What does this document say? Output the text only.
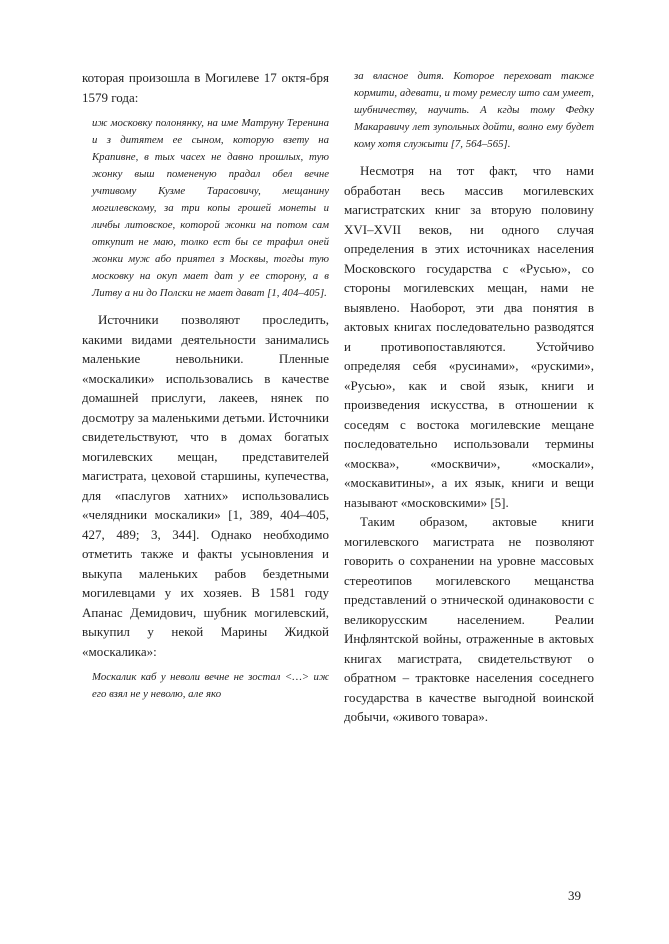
которая произошла в Могилеве 17 октя-бря 1579 года:

иж московку полонянку, на име Матруну Теренина и з дитятем ее сыном, которую взету на Крапивне, в тых часех не давно прошлых, тую жонку выш помененую прадал обел вечне учтивому Кузме Тарасовичу, мещанину могилевскому, за три копы грошей монеты и личбы литовское, которой жонки на потом сам откупит не маю, толко ест бы се трафил оней жонки муж або приятел з Москвы, тогды тую московку на окуп мает дат у ее сторону, а в Литву а ни до Полски не мает дават [1, 404–405].

Источники позволяют проследить, какими видами деятельности занимались маленькие невольники. Пленные «москалики» использовались в качестве домашней прислуги, лакеев, нянек по досмотру за маленькими детьми. Источники свидетельствуют, что в домах богатых могилевских мещан, представителей магистрата, цеховой старшины, купечества, для «паслугов хатних» использовались «челядники москалики» [1, 389, 404–405, 427, 489; 3, 344]. Однако необходимо отметить также и факты усыновления и выкупа маленьких рабов бездетными могилевцами у их хозяев. В 1581 году Апанас Демидович, шубник могилевский, выкупил у некой Марины Жидкой «москалика»:

Москалик каб у неволи вечне не зостал <…> иж его взял не у неволю, але яко

за власное дитя. Которое переховат также кормити, адевати, и тому ремеслу што сам умеет, шубничеству, научить. А кгды тому Федку Макаравичу лет зупольных дойти, волно ему будет кому хотя служыти [7, 564–565].

Несмотря на тот факт, что нами обработан весь массив могилевских магистратских книг за вторую половину XVI–XVII веков, ни одного случая определения в этих источниках населения Московского государства с «Русью», со стороны могилевских мещан, нами не выявлено. Наоборот, эти два понятия в актовых книгах последовательно разводятся и противопоставляются. Устойчиво определяя себя «русинами», «рускими», «Русью», как и свой язык, книги и произведения искусства, в отношении к соседям с востока могилевские мещане последовательно использовали термины «москва», «москвичи», «москали», «москавитины», а их язык, книги и вещи называют «московскими» [5].

Таким образом, актовые книги могилевского магистрата не позволяют говорить о сохранении на уровне массовых стереотипов могилевского мещанства представлений о этнической одинаковости с великорусским населением. Реалии Инфлянтской войны, отраженные в актовых книгах магистрата, свидетельствуют о обратном – трактовке населения соседнего государства в качестве выгодной воинской добычи, «живого товара».

39
